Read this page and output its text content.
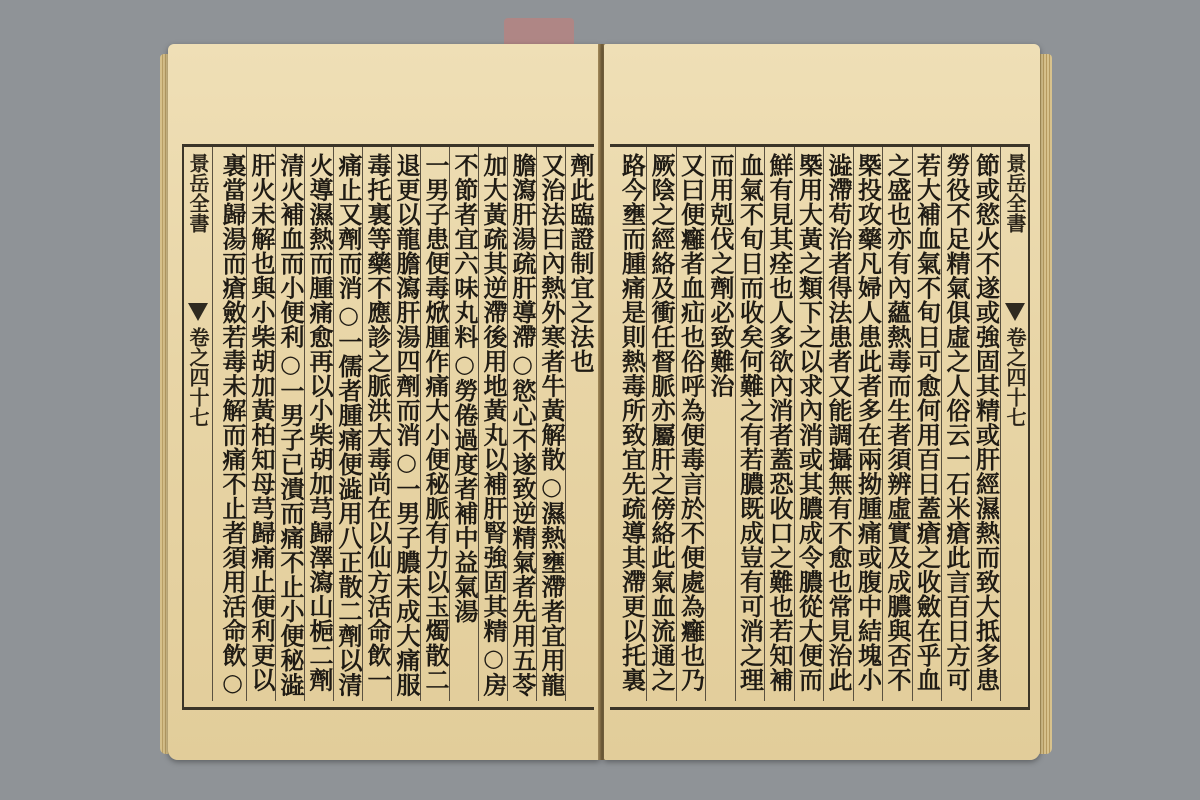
景岳全書
卷之四十七
劑此臨證制宜之法也
又治法曰內熱外寒者牛黃解散○濕熱壅滯者宜用龍
膽瀉肝湯疏肝導滯○慾心不遂致逆精氣者先用五苓
加大黃疏其逆滯後用地黃丸以補肝腎強固其精○房
不節者宜六味丸料○勞倦過度者補中益氣湯
一男子患便毒焮腫作痛大小便秘脈有力以玉燭散二
退更以龍膽瀉肝湯四劑而消○一男子膿未成大痛服
毒托裏等藥不應診之脈洪大毒尚在以仙方活命飲一
痛止又劑而消○一儒者腫痛便澁用八正散二劑以清
火導濕熱而腫痛愈再以小柴胡加芎歸澤瀉山梔二劑
清火補血而小便利○一男子已潰而痛不止小便秘澁
肝火未解也與小柴胡加黃柏知母芎歸痛止便利更以
裏當歸湯而瘡斂若毒未解而痛不止者須用活命飲○
景岳全書
卷之四十七
節或慾火不遂或強固其精或肝經濕熱而致大抵多患
勞役不足精氣俱虛之人俗云一石米瘡此言百日方可
若大補血氣不旬日可愈何用百日蓋瘡之收斂在乎血
之盛也亦有內蘊熱毒而生者須辨虛實及成膿與否不
槩投攻藥凡婦人患此者多在兩拗腫痛或腹中結塊小
澁滯苟治者得法患者又能調攝無有不愈也常見治此
槩用大黃之類下之以求內消或其膿成令膿從大便而
鮮有見其痊也人多欲內消者蓋恐收口之難也若知補
血氣不旬日而收矣何難之有若膿既成豈有可消之理
而用剋伐之劑必致難治
又曰便癰者血疝也俗呼為便毒言於不便處為癰也乃
厥陰之經絡及衝任督脈亦屬肝之傍絡此氣血流通之
路今壅而腫痛是則熱毒所致宜先疏導其滯更以托裏
